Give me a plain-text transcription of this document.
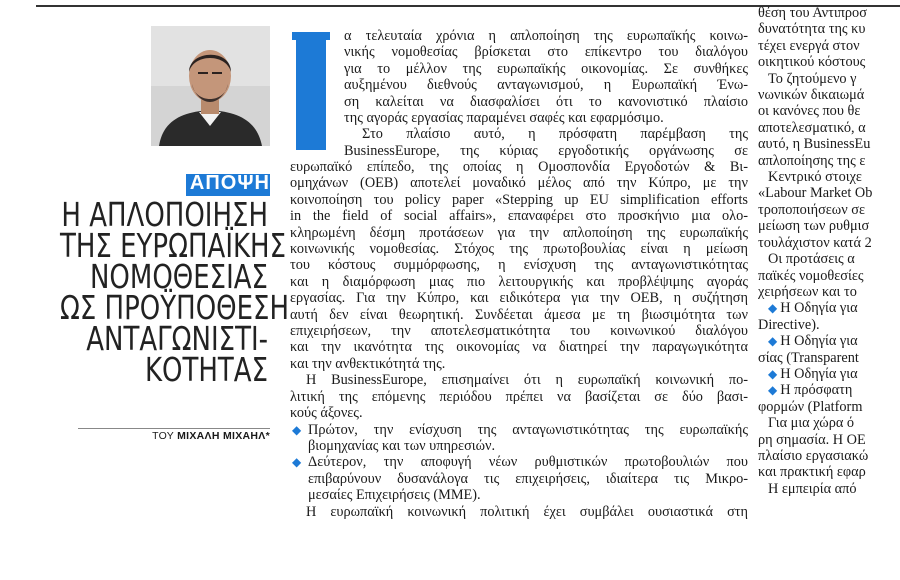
ΑΠΟΨΗ
Η ΑΠΛΟΠΟΙΗΣΗ
ΤΗΣ ΕΥΡΩΠΑΪΚΗΣ
ΝΟΜΟΘΕΣΙΑΣ
ΩΣ ΠΡΟΫΠΟΘΕΣΗ
ΑΝΤΑΓΩΝΙΣΤΙ-
ΚΟΤΗΤΑΣ
ΤΟΥ ΜΙΧΑΛΗ ΜΙΧΑΗΛ*
α τελευταία χρόνια η απλοποίηση της ευρωπαϊκής κοινω-
νικής νομοθεσίας βρίσκεται στο επίκεντρο του διαλόγου
για το μέλλον της ευρωπαϊκής οικονομίας. Σε συνθήκες
αυξημένου διεθνούς ανταγωνισμού, η Ευρωπαϊκή Ένω-
ση καλείται να διασφαλίσει ότι το κανονιστικό πλαίσιο
της αγοράς εργασίας παραμένει σαφές και εφαρμόσιμο.
Στο πλαίσιο αυτό, η πρόσφατη παρέμβαση της
BusinessEurope, της κύριας εργοδοτικής οργάνωσης σε
ευρωπαϊκό επίπεδο, της οποίας η Ομοσπονδία Εργοδοτών & Βι-
ομηχάνων (ΟΕΒ) αποτελεί μοναδικό μέλος από την Κύπρο, με την
κοινοποίηση του policy paper «Stepping up EU simplification efforts
in the field of social affairs», επαναφέρει στο προσκήνιο μια ολο-
κληρωμένη δέσμη προτάσεων για την απλοποίηση της ευρωπαϊκής
κοινωνικής νομοθεσίας. Στόχος της πρωτοβουλίας είναι η μείωση
του κόστους συμμόρφωσης, η ενίσχυση της ανταγωνιστικότητας
και η διαμόρφωση μιας πιο λειτουργικής και προβλέψιμης αγοράς
εργασίας. Για την Κύπρο, και ειδικότερα για την ΟΕΒ, η συζήτηση
αυτή δεν είναι θεωρητική. Συνδέεται άμεσα με τη βιωσιμότητα των
επιχειρήσεων, την αποτελεσματικότητα του κοινωνικού διαλόγου
και την ικανότητα της οικονομίας να διατηρεί την παραγωγικότητα
και την ανθεκτικότητά της.
Η BusinessEurope, επισημαίνει ότι η ευρωπαϊκή κοινωνική πο-
λιτική της επόμενης περιόδου πρέπει να βασίζεται σε δύο βασι-
κούς άξονες.
◆ Πρώτον, την ενίσχυση της ανταγωνιστικότητας της ευρωπαϊκής
βιομηχανίας και των υπηρεσιών.
◆ Δεύτερον, την αποφυγή νέων ρυθμιστικών πρωτοβουλιών που
επιβαρύνουν δυσανάλογα τις επιχειρήσεις, ιδιαίτερα τις Μικρο-
μεσαίες Επιχειρήσεις (ΜΜΕ).
Η ευρωπαϊκή κοινωνική πολιτική έχει συμβάλει ουσιαστικά στη
θέση του Αντιπροσ
δυνατότητα της κυ
τέχει ενεργά στον
οικητικού κόστους
Το ζητούμενο γ
νωνικών δικαιωμά
οι κανόνες που θε
αποτελεσματικό, α
αυτό, η BusinessEu
απλοποίησης της ε
Κεντρικό στοιχε
«Labour Market Ob
τροποποιήσεων σε
μείωση των ρυθμισ
τουλάχιστον κατά 2
Οι προτάσεις α
παϊκές νομοθεσίες
χειρήσεων και το
◆ Η Οδηγία για
Directive).
◆ Η Οδηγία για
σίας (Transparent
◆ Η Οδηγία για
◆ Η πρόσφατη
φορμών (Platform
Για μια χώρα ό
ρη σημασία. Η ΟΕ
πλαίσιο εργασιακώ
και πρακτική εφαρ
Η εμπειρία από
